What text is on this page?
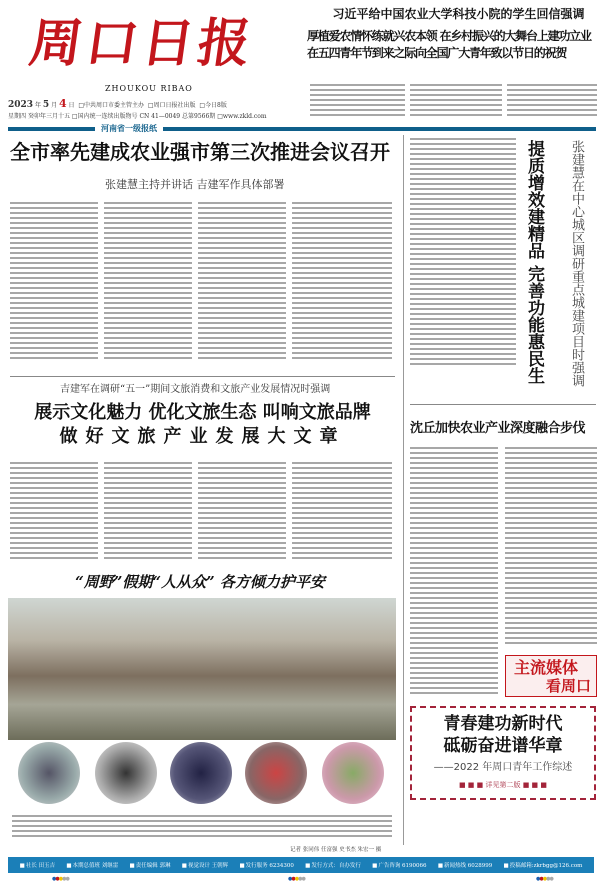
周口日报
ZHOUKOU RIBAO
2023 年 5 月 4 日  □中共周口市委主管主办  □周口日报社出版  □今日8版
星期四 癸卯年三月十五 □国内统一连续出版物号 CN 41—0049 总第9566期 □www.zkld.com
习近平给中国农业大学科技小院的学生回信强调
厚植爱农情怀练就兴农本领 在乡村振兴的大舞台上建功立业
在五四青年节到来之际向全国广大青年致以节日的祝贺
河南省一级报纸
全市率先建成农业强市第三次推进会议召开
张建慧主持并讲话 吉建军作具体部署	提质增效建精品 完善功能惠民生 张建慧在中心城区调研重点城建项目时强调
吉建军在调研“五一”期间文旅消费和文旅产业发展情况时强调
展示文化魅力 优化文旅生态 叫响文旅品牌
做好文旅产业发展大文章
“周野”假期“人从众” 各方倾力护平安
记者 张同伟 任富强 史书杰 朱宏一 摄
沈丘加快农业产业深度融合步伐
主流媒体
看周口
青春建功新时代
砥砺奋进谱华章
——2022 年周口青年工作综述
■ ■ ■ 详见第二版 ■ ■ ■
■ 社长 田玉吉	■ 本期总值班 刘继雷	■ 责任编辑 郭琳	■ 视觉设计 王朝辉	■ 发行服务 6234300	■ 发行方式：自办发行	■ 广告咨询 6190066	■ 新闻热线 6028999	■ 投稿邮箱:zkrbgg@126.com
●●●●●	●●●●●	●●●●●
